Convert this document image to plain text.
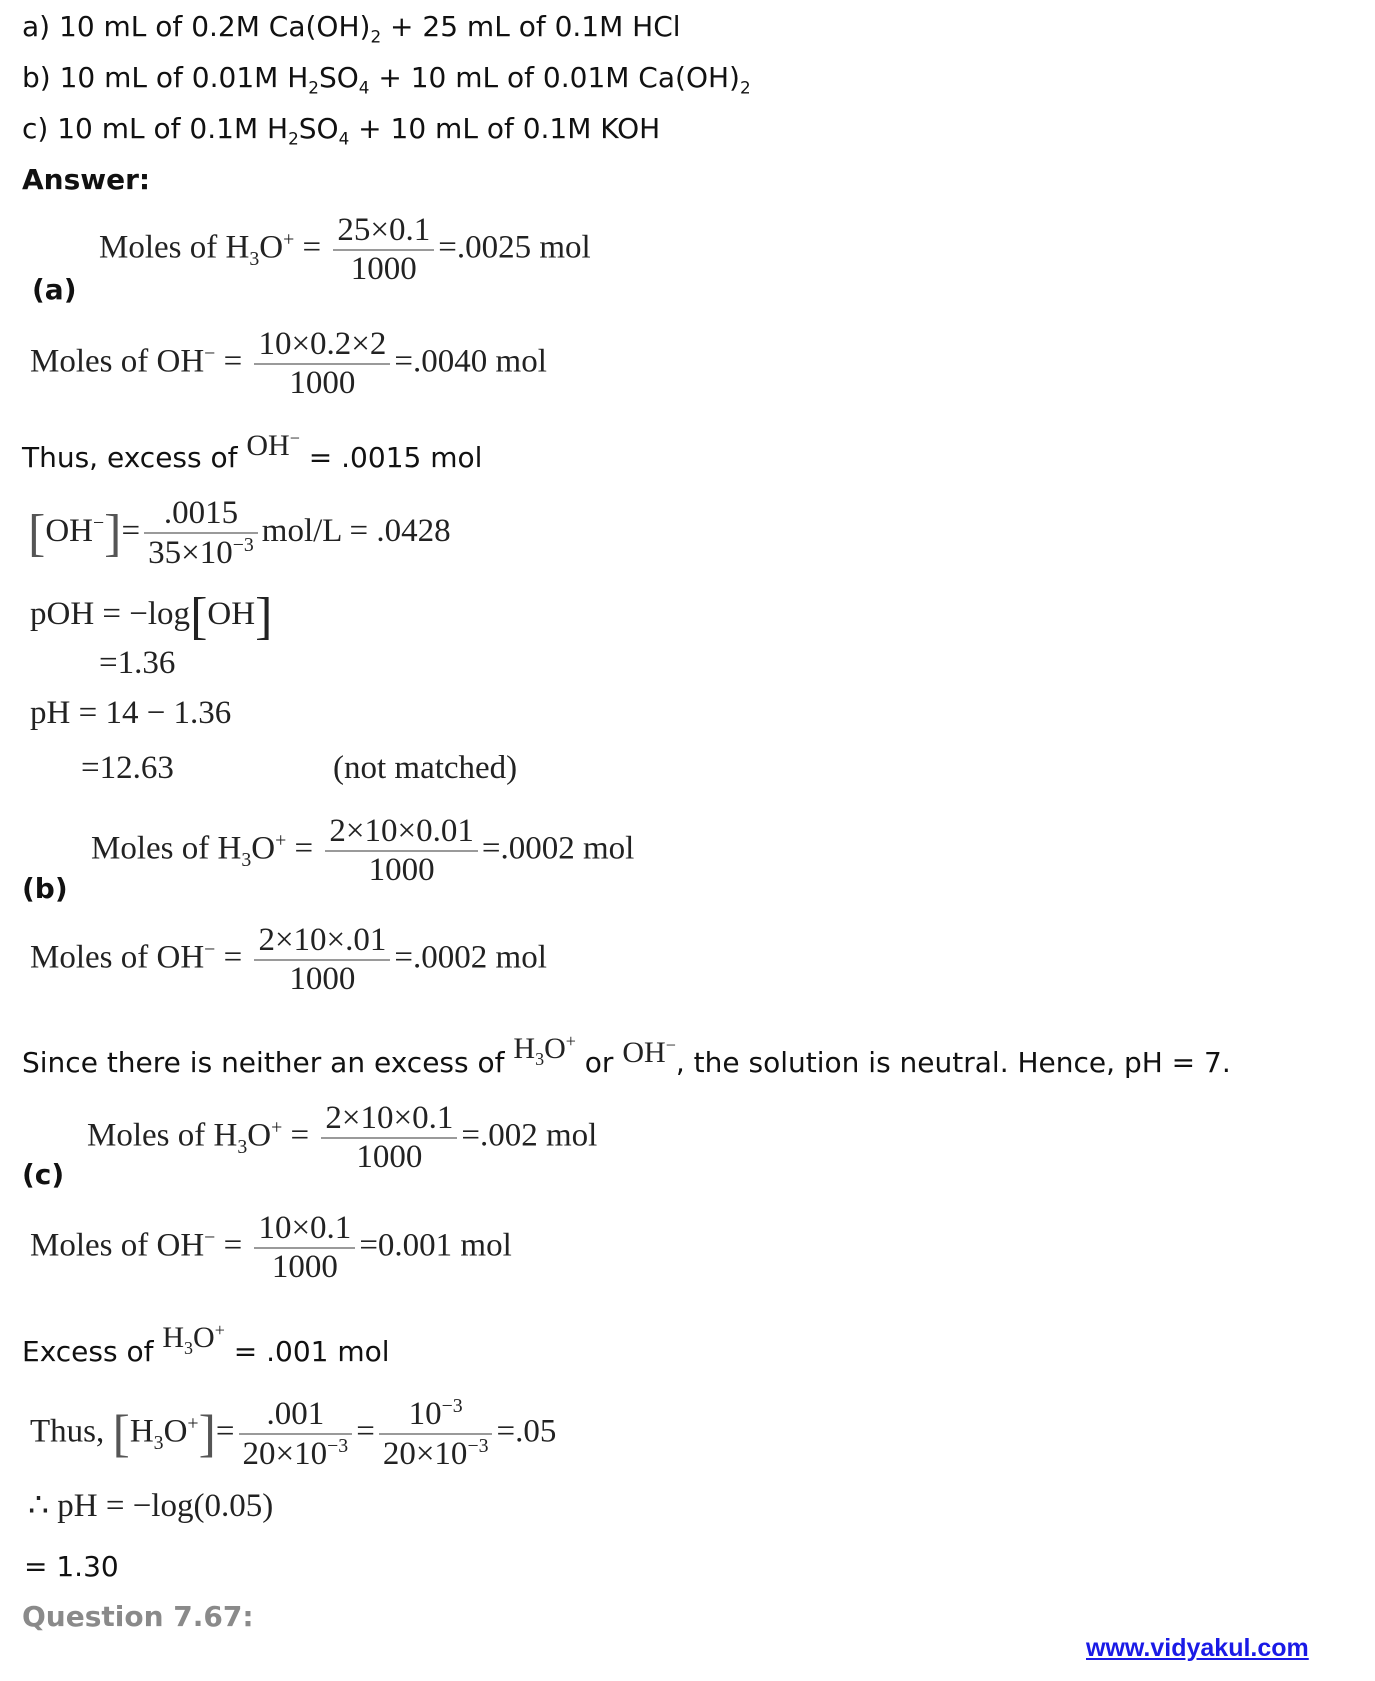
a) 10 mL of 0.2M $Ca(OH)_2 + 25$ mL of 0.1M HCl
b) 10 mL of 0.01M $H_2SO_4 + 10$ mL of 0.01M $Ca(OH)_2$
c) 10 mL of 0.1M $H_2SO_4 + 10$ mL of 0.1M KOH
Answer:
Moles of $H_3O^+ = \frac{25\times 0.1}{1000} =.0025$ mol
(a)
Moles of $OH^- = \frac{10\times 0.2\times 2}{1000} =.0040$ mol
Thus, excess of OH− = .0015 mol
$[OH^-]= \frac{.0015}{35\times 10^{-3}} mol/L = .0428$
pOH = −log[OH]
=1.36
pH = 14 − 1.36
=12.63	(not matched)
Moles of $H_3O^+ = \frac{2\times 10\times 0.01}{1000} =.0002$ mol
(b)
Moles of $OH^- = \frac{2\times 10\times.01}{1000} =.0002$ mol
Since there is neither an excess of $H_3O^+$ or OH−, the solution is neutral. Hence, pH = 7.
Moles of $H_3O^+ = \frac{2\times 10\times 0.1}{1000} =.002$ mol
(c)
Moles of $OH^- = \frac{10\times 0.1}{1000} =0.001$ mol
Excess of $H_3O^+ = .001$ mol
Thus, $[H_3O^+]= \frac{.001}{20\times 10^{-3}} = \frac{10^{-3}}{20\times 10^{-3}} =.05$
∴ pH = −log(0.05)
= 1.30
Question 7.67:
www.vidyakul.com
